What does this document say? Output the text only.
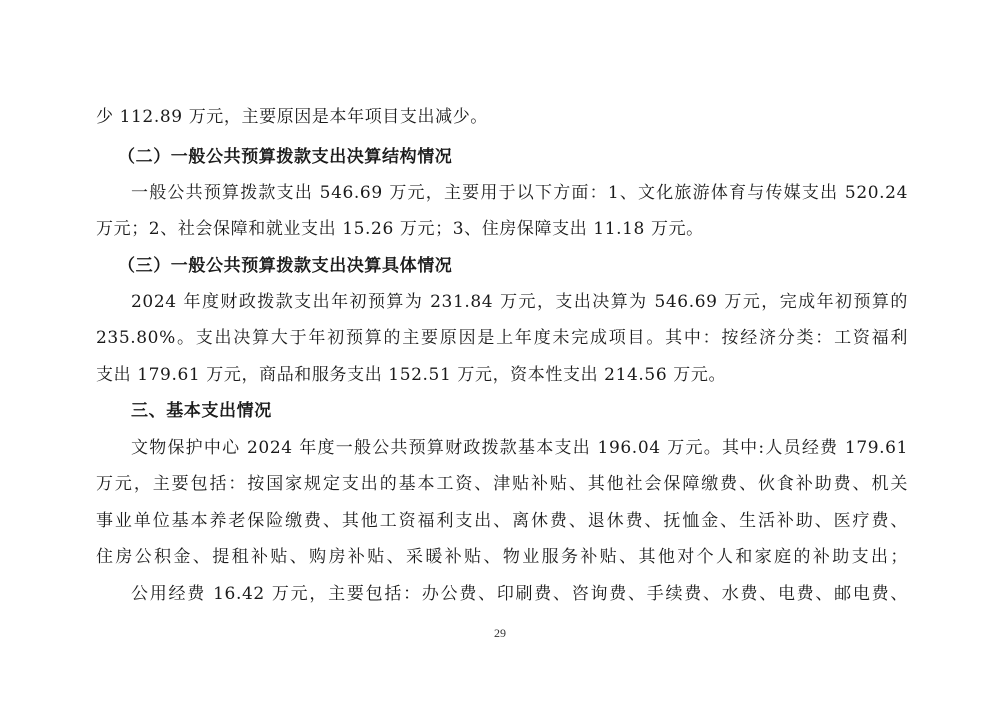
少 112.89 万元，主要原因是本年项目支出减少。
（二）一般公共预算拨款支出决算结构情况
一般公共预算拨款支出 546.69 万元，主要用于以下方面：1、文化旅游体育与传媒支出 520.24
万元；2、社会保障和就业支出 15.26 万元；3、住房保障支出 11.18 万元。
（三）一般公共预算拨款支出决算具体情况
2024 年度财政拨款支出年初预算为 231.84 万元，支出决算为 546.69 万元，完成年初预算的
235.80%。支出决算大于年初预算的主要原因是上年度未完成项目。其中：按经济分类：工资福利
支出 179.61 万元，商品和服务支出 152.51 万元，资本性支出 214.56 万元。
三、基本支出情况
文物保护中心 2024 年度一般公共预算财政拨款基本支出 196.04 万元。其中:人员经费 179.61
万元，主要包括：按国家规定支出的基本工资、津贴补贴、其他社会保障缴费、伙食补助费、机关
事业单位基本养老保险缴费、其他工资福利支出、离休费、退休费、抚恤金、生活补助、医疗费、
住房公积金、提租补贴、购房补贴、采暖补贴、物业服务补贴、其他对个人和家庭的补助支出；
公用经费 16.42 万元，主要包括：办公费、印刷费、咨询费、手续费、水费、电费、邮电费、
29
